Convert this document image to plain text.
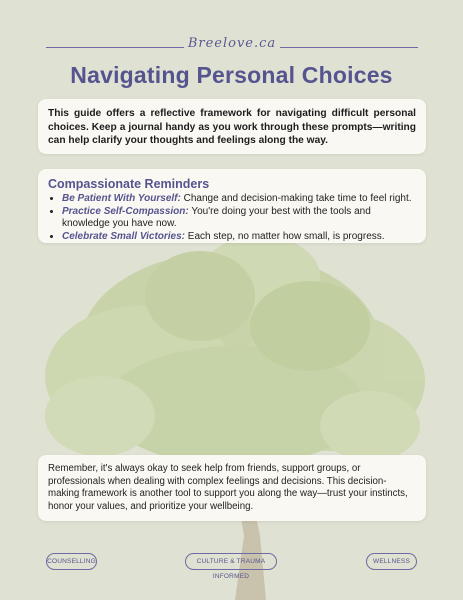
Breelove.ca
Navigating Personal Choices
This guide offers a reflective framework for navigating difficult personal choices. Keep a journal handy as you work through these prompts—writing can help clarify your thoughts and feelings along the way.
Compassionate Reminders
• Be Patient With Yourself: Change and decision-making take time to feel right.
• Practice Self-Compassion: You're doing your best with the tools and knowledge you have now.
• Celebrate Small Victories: Each step, no matter how small, is progress.
Remember, it's always okay to seek help from friends, support groups, or professionals when dealing with complex feelings and decisions. This decision-making framework is another tool to support you along the way—trust your instincts, honor your values, and prioritize your wellbeing.
COUNSELLING	CULTURE & TRAUMA INFORMED
WELLNESS
